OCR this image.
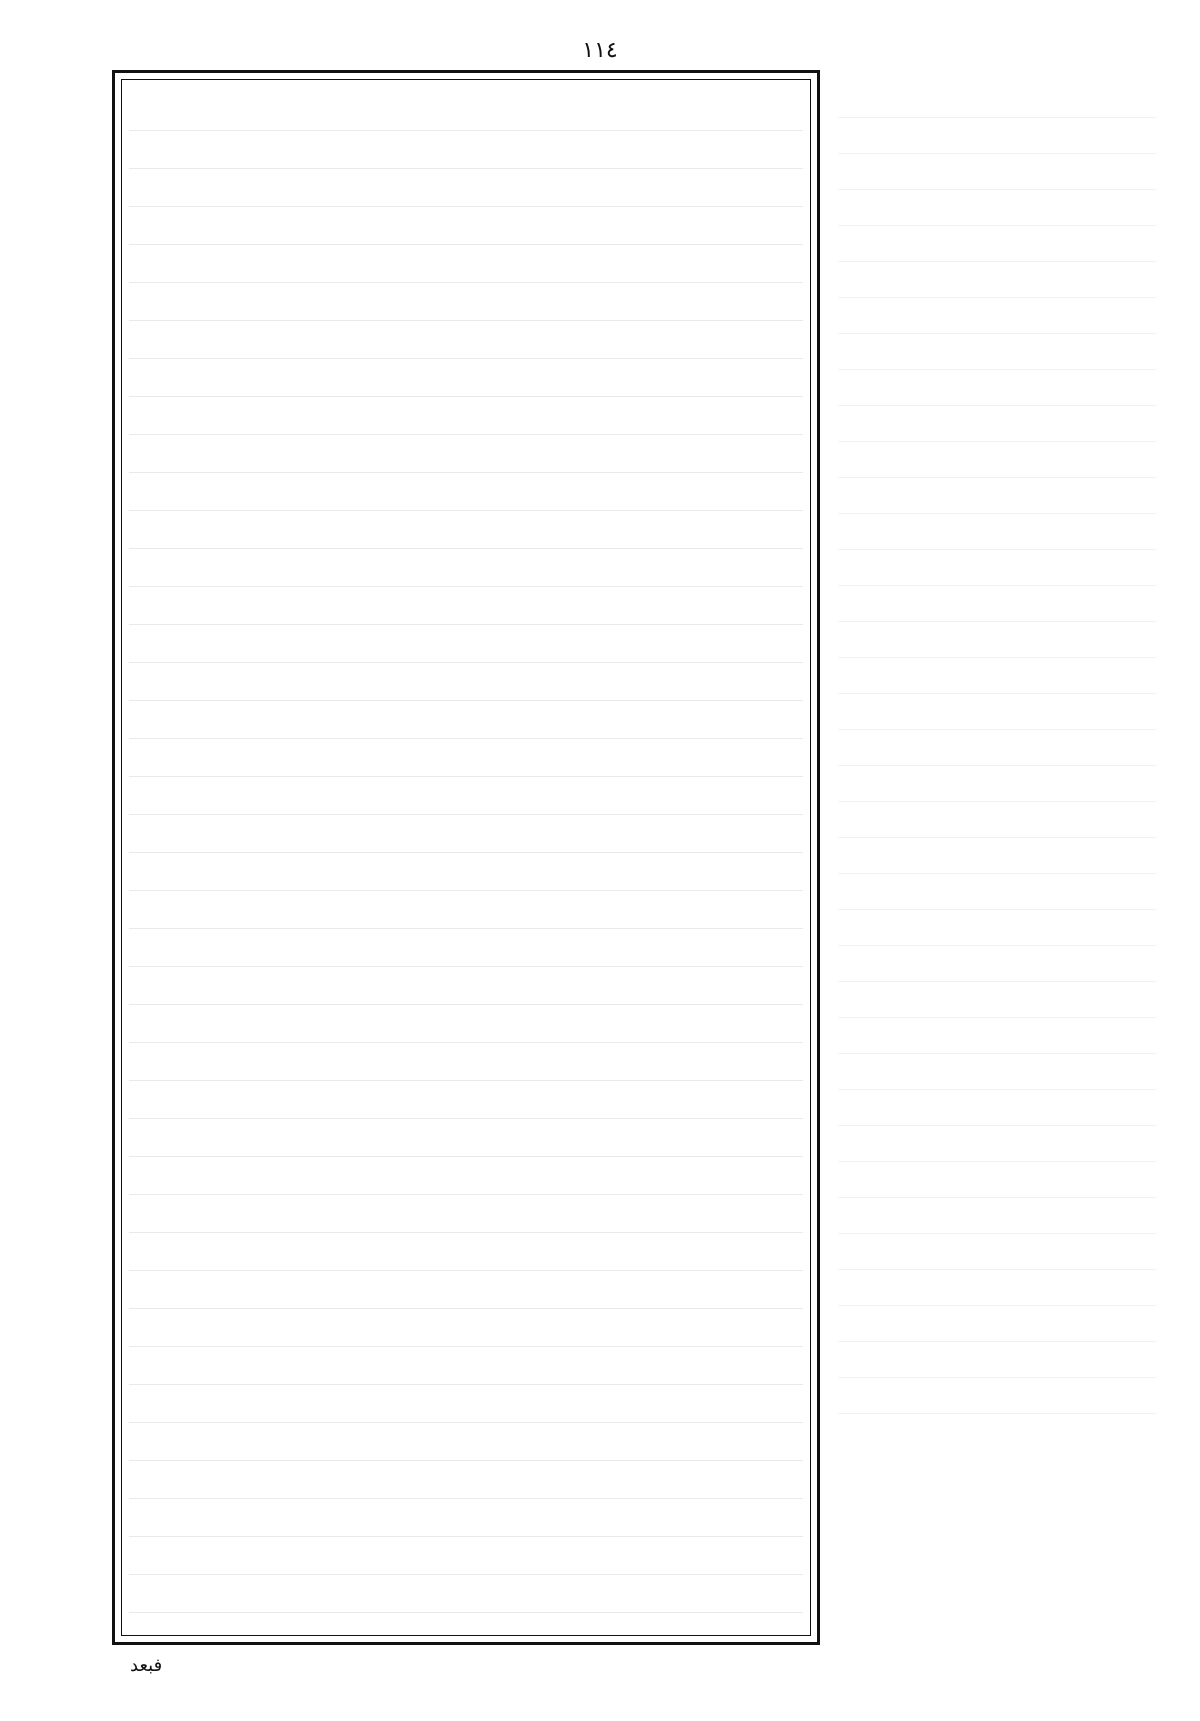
١١٤
فبعد
